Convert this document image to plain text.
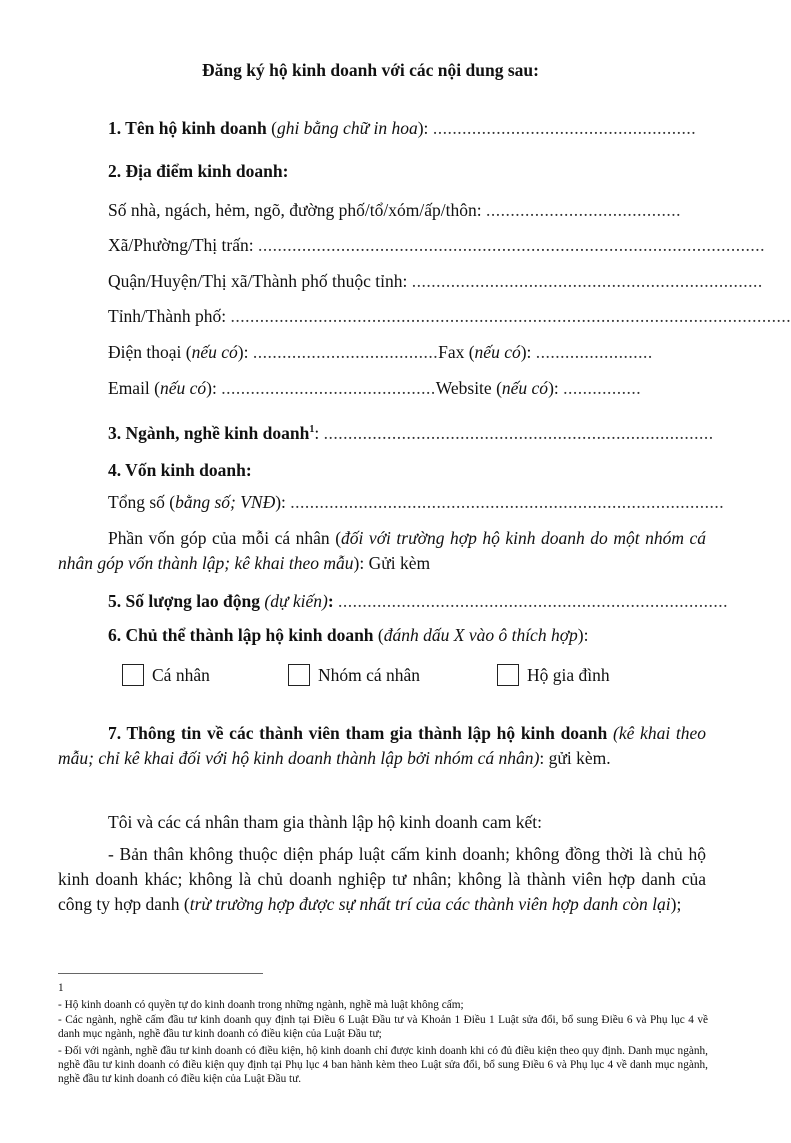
Đăng ký hộ kinh doanh với các nội dung sau:
1. Tên hộ kinh doanh (ghi bằng chữ in hoa): ......................................................
2. Địa điểm kinh doanh:
Số nhà, ngách, hẻm, ngõ, đường phố/tổ/xóm/ấp/thôn: ........................................
Xã/Phường/Thị trấn: ........................................................................................................
Quận/Huyện/Thị xã/Thành phố thuộc tỉnh: ........................................................................
Tỉnh/Thành phố: ...................................................................................................................
Điện thoại (nếu có): ......................................Fax (nếu có): ........................
Email (nếu có): ............................................Website (nếu có): ................
3. Ngành, nghề kinh doanh$^1$: ................................................................................
4. Vốn kinh doanh:
Tổng số (bằng số; VNĐ): .........................................................................................
Phần vốn góp của mỗi cá nhân (đối với trường hợp hộ kinh doanh do một nhóm cá nhân góp vốn thành lập; kê khai theo mẫu): Gửi kèm
5. Số lượng lao động (dự kiến): ................................................................................
6. Chủ thể thành lập hộ kinh doanh (đánh dấu X vào ô thích hợp):
Cá nhân	Nhóm cá nhân	Hộ gia đình
7. Thông tin về các thành viên tham gia thành lập hộ kinh doanh (kê khai theo mẫu; chỉ kê khai đối với hộ kinh doanh thành lập bởi nhóm cá nhân): gửi kèm.
Tôi và các cá nhân tham gia thành lập hộ kinh doanh cam kết:
- Bản thân không thuộc diện pháp luật cấm kinh doanh; không đồng thời là chủ hộ kinh doanh khác; không là chủ doanh nghiệp tư nhân; không là thành viên hợp danh của công ty hợp danh (trừ trường hợp được sự nhất trí của các thành viên hợp danh còn lại);
1
- Hộ kinh doanh có quyền tự do kinh doanh trong những ngành, nghề mà luật không cấm;
- Các ngành, nghề cấm đầu tư kinh doanh quy định tại Điều 6 Luật Đầu tư và Khoản 1 Điều 1 Luật sửa đổi, bổ sung Điều 6 và Phụ lục 4 về danh mục ngành, nghề đầu tư kinh doanh có điều kiện của Luật Đầu tư;
- Đối với ngành, nghề đầu tư kinh doanh có điều kiện, hộ kinh doanh chỉ được kinh doanh khi có đủ điều kiện theo quy định. Danh mục ngành, nghề đầu tư kinh doanh có điều kiện quy định tại Phụ lục 4 ban hành kèm theo Luật sửa đổi, bổ sung Điều 6 và Phụ lục 4 về danh mục ngành, nghề đầu tư kinh doanh có điều kiện của Luật Đầu tư.
